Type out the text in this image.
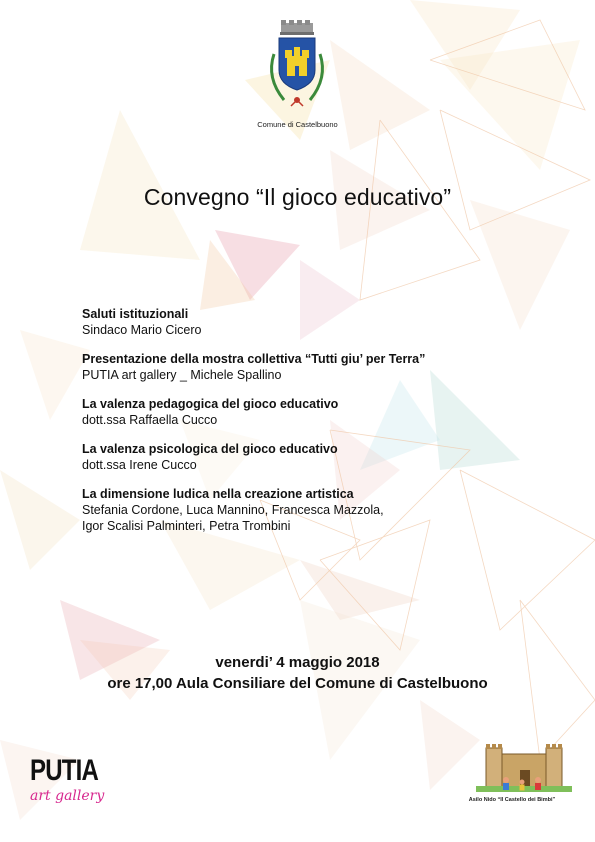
Comune di Castelbuono
Convegno “Il gioco educativo”
Saluti istituzionali
Sindaco Mario Cicero
Presentazione della mostra collettiva “Tutti giu’ per Terra”
PUTIA art gallery _ Michele Spallino
La valenza pedagogica del gioco educativo
dott.ssa Raffaella Cucco
La valenza psicologica del gioco educativo
dott.ssa Irene Cucco
La dimensione ludica nella creazione artistica
Stefania Cordone, Luca Mannino, Francesca Mazzola,
Igor Scalisi Palminteri, Petra Trombini
venerdi’ 4 maggio 2018
ore 17,00 Aula Consiliare del Comune di Castelbuono
PUTIA
art gallery	Asilo Nido “Il Castello dei Bimbi”
